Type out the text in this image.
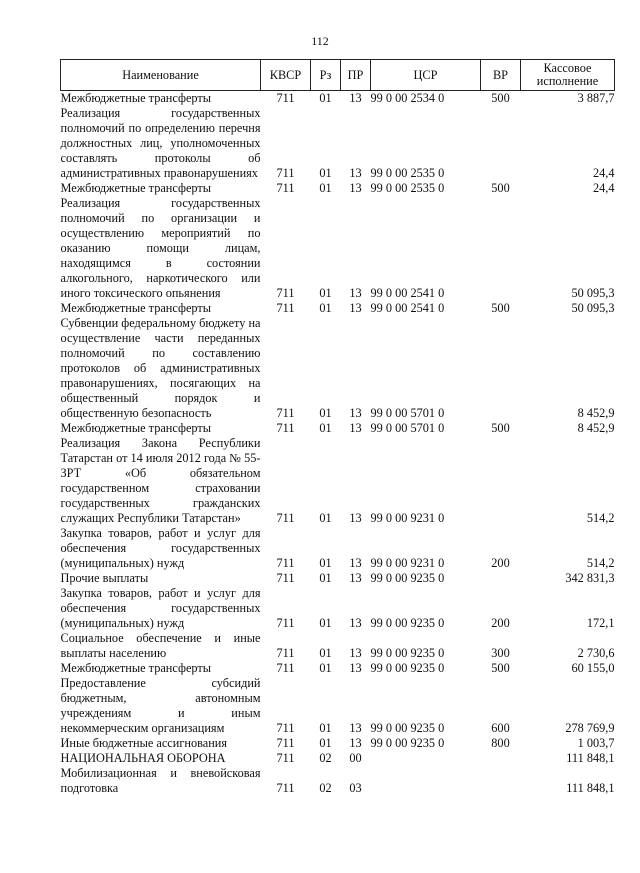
112
Наименование	КВСР	Рз	ПР	ЦСР	ВР	Кассовое исполнение
Межбюджетные трансферты	711	01	13	99 0 00 2534 0	500	3 887,7
Реализация государственных полномочий по определению перечня должностных лиц, уполномоченных составлять протоколы об административных правонарушениях	711	01	13	99 0 00 2535 0		24,4
Межбюджетные трансферты	711	01	13	99 0 00 2535 0	500	24,4
Реализация государственных полномочий по организации и осуществлению мероприятий по оказанию помощи лицам, находящимся в состоянии алкогольного, наркотического или иного токсического опьянения	711	01	13	99 0 00 2541 0		50 095,3
Межбюджетные трансферты	711	01	13	99 0 00 2541 0	500	50 095,3
Субвенции федеральному бюджету на осуществление части переданных полномочий по составлению протоколов об административных правонарушениях, посягающих на общественный порядок и общественную безопасность	711	01	13	99 0 00 5701 0		8 452,9
Межбюджетные трансферты	711	01	13	99 0 00 5701 0	500	8 452,9
Реализация Закона Республики Татарстан от 14 июля 2012 года № 55-ЗРТ «Об обязательном государственном страховании государственных гражданских служащих Республики Татарстан»	711	01	13	99 0 00 9231 0		514,2
Закупка товаров, работ и услуг для обеспечения государственных (муниципальных) нужд	711	01	13	99 0 00 9231 0	200	514,2
Прочие выплаты	711	01	13	99 0 00 9235 0		342 831,3
Закупка товаров, работ и услуг для обеспечения государственных (муниципальных) нужд	711	01	13	99 0 00 9235 0	200	172,1
Социальное обеспечение и иные выплаты населению	711	01	13	99 0 00 9235 0	300	2 730,6
Межбюджетные трансферты	711	01	13	99 0 00 9235 0	500	60 155,0
Предоставление субсидий бюджетным, автономным учреждениям и иным некоммерческим организациям	711	01	13	99 0 00 9235 0	600	278 769,9
Иные бюджетные ассигнования	711	01	13	99 0 00 9235 0	800	1 003,7
НАЦИОНАЛЬНАЯ ОБОРОНА	711	02	00			111 848,1
Мобилизационная и вневойсковая подготовка	711	02	03			111 848,1
